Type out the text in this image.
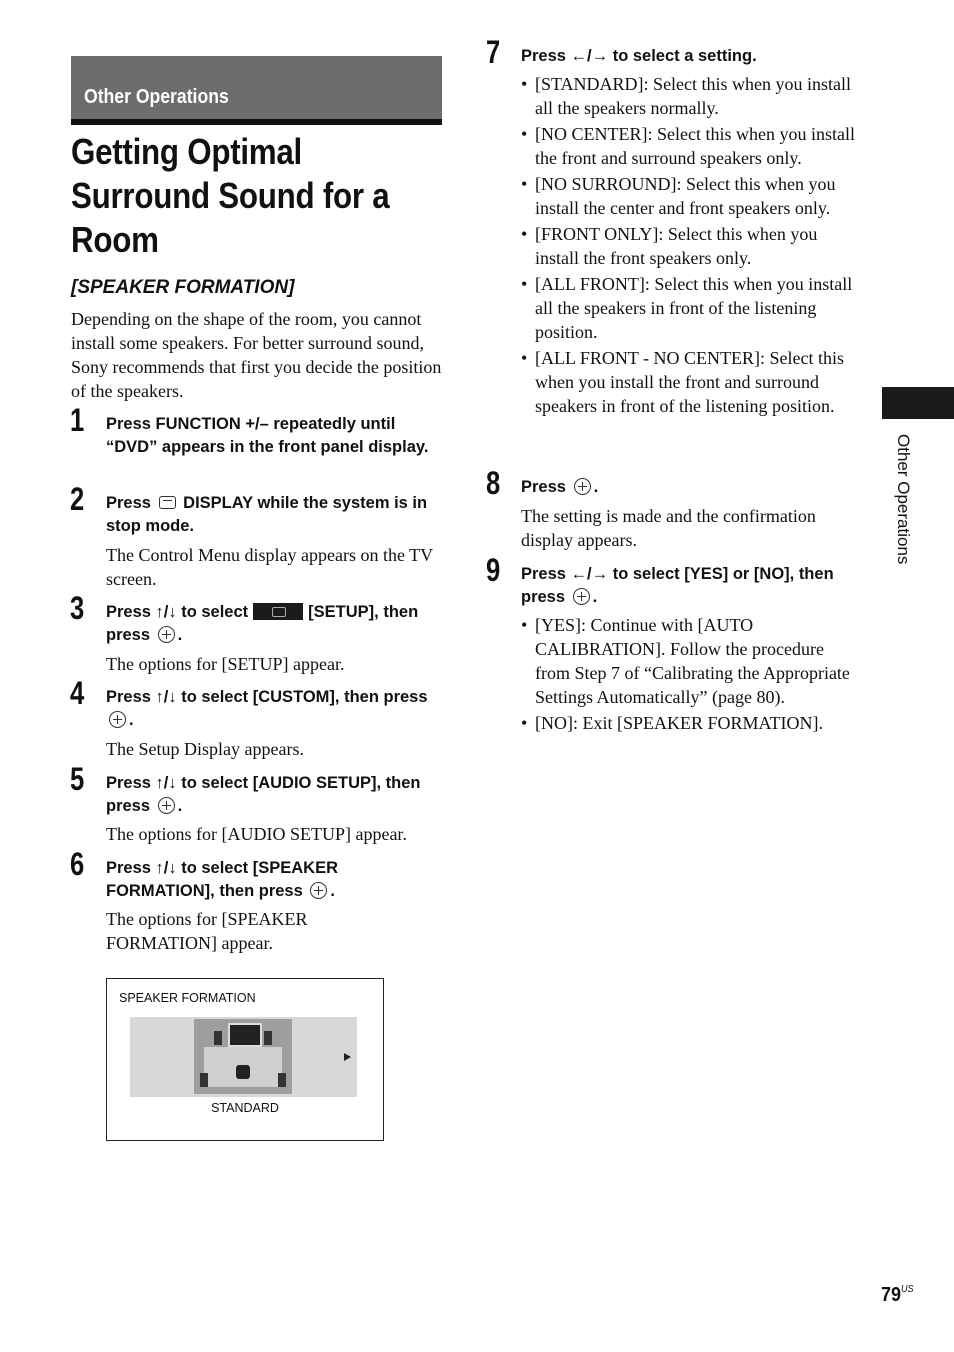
Other Operations
Getting Optimal
Surround Sound for a
Room
[SPEAKER FORMATION]

Depending on the shape of the room, you cannot install some speakers. For better surround sound, Sony recommends that first you decide the position of the speakers.

1 Press FUNCTION +/– repeatedly until “DVD” appears in the front panel display.

2 Press DISPLAY while the system is in stop mode.

The Control Menu display appears on the TV screen.

3 Press ↑/↓ to select	[SETUP], then press .

The options for [SETUP] appear.

4 Press ↑/↓ to select [CUSTOM], then press .

The Setup Display appears.

5 Press ↑/↓ to select [AUDIO SETUP], then press .

The options for [AUDIO SETUP] appear.

6 Press ↑/↓ to select [SPEAKER FORMATION], then press .

The options for [SPEAKER FORMATION] appear.

SPEAKER FORMATION
STANDARD
7 Press ←/→ to select a setting.

• [STANDARD]: Select this when you install all the speakers normally.
• [NO CENTER]: Select this when you install the front and surround speakers only.
• [NO SURROUND]: Select this when you install the center and front speakers only.
• [FRONT ONLY]: Select this when you install the front speakers only.
• [ALL FRONT]: Select this when you install all the speakers in front of the listening position.
• [ALL FRONT - NO CENTER]: Select this when you install the front and surround speakers in front of the listening position.
8 Press .

The setting is made and the confirmation display appears.

9 Press ←/→ to select [YES] or [NO], then press .

• [YES]: Continue with [AUTO CALIBRATION]. Follow the procedure from Step 7 of “Calibrating the Appropriate Settings Automatically” (page 80).
• [NO]: Exit [SPEAKER FORMATION].
Other Operations
$79^{US}$
